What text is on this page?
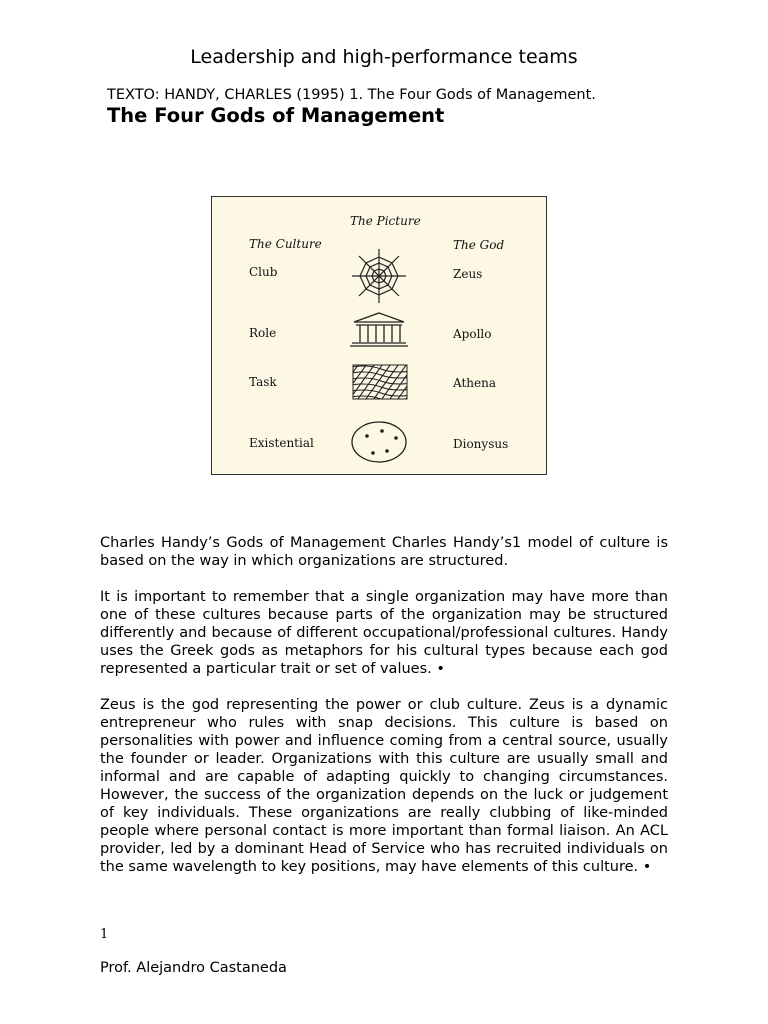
Leadership and high-performance teams
TEXTO: HANDY, CHARLES (1995) 1. The Four Gods of Management.
The Four Gods of Management
The Picture
The Culture	The God
Club	Zeus
Role	Apollo
Task	Athena
Existential	Dionysus

Charles Handy’s Gods of Management Charles Handy’s1 model of culture is based on the way in which organizations are structured.

It is important to remember that a single organization may have more than one of these cultures because parts of the organization may be structured differently and because of different occupational/professional cultures. Handy uses the Greek gods as metaphors for his cultural types because each god represented a particular trait or set of values. •

Zeus is the god representing the power or club culture. Zeus is a dynamic entrepreneur who rules with snap decisions. This culture is based on personalities with power and influence coming from a central source, usually the founder or leader. Organizations with this culture are usually small and informal and are capable of adapting quickly to changing circumstances. However, the success of the organization depends on the luck or judgement of key individuals. These organizations are really clubbing of like-minded people where personal contact is more important than formal liaison. An ACL provider, led by a dominant Head of Service who has recruited individuals on the same wavelength to key positions, may have elements of this culture. •

1
Prof. Alejandro Castaneda
